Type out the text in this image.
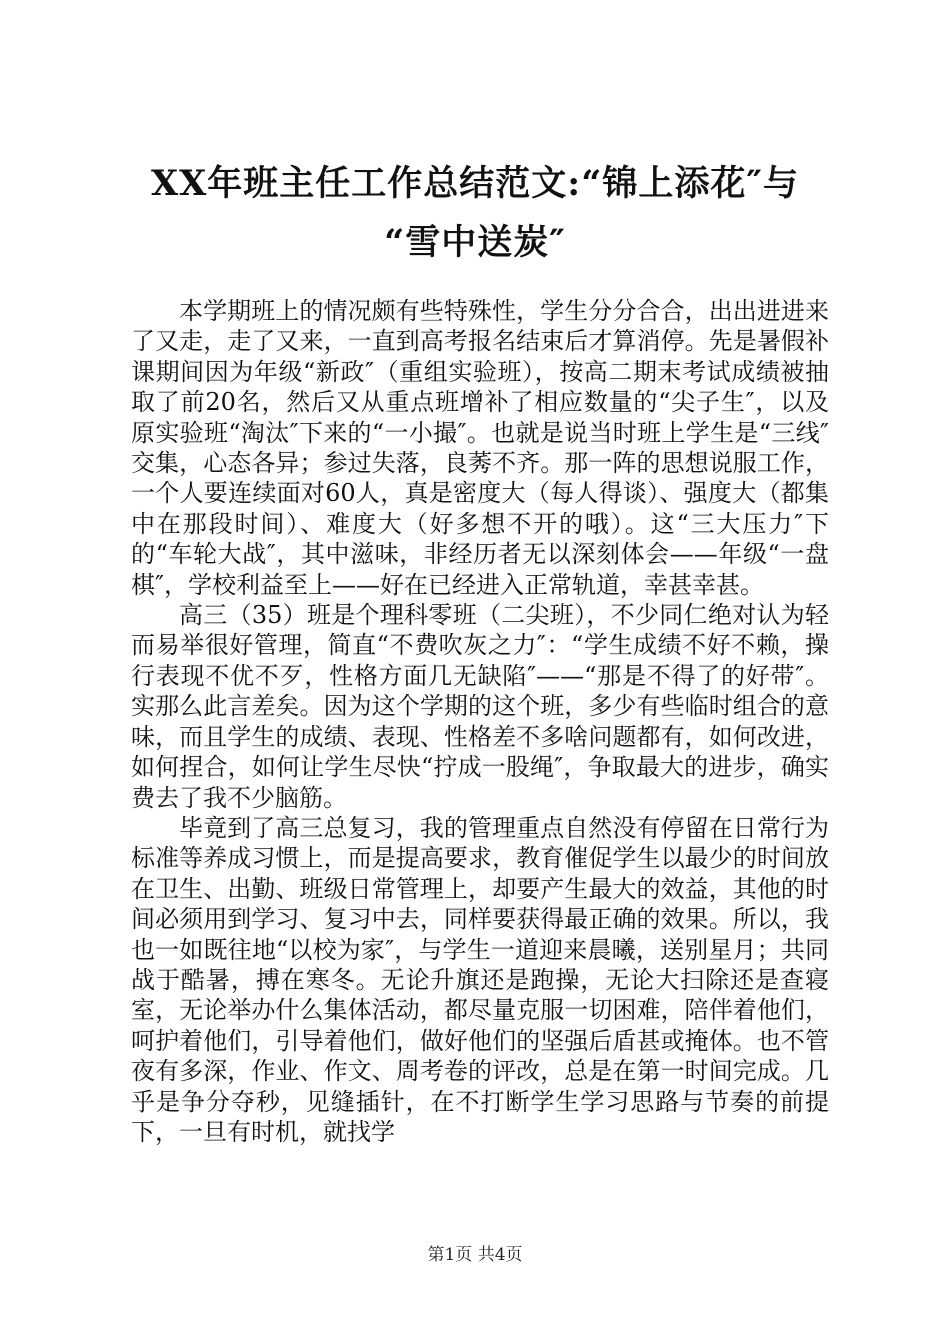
XX年班主任工作总结范文:“锦上添花″与
“雪中送炭″

本学期班上的情况颇有些特殊性，学生分分合合，出出进进来了又走，走了又来，一直到高考报名结束后才算消停。先是暑假补课期间因为年级“新政″（重组实验班），按高二期末考试成绩被抽取了前20名，然后又从重点班增补了相应数量的“尖子生″，以及原实验班“淘汰″下来的“一小撮″。也就是说当时班上学生是“三线″交集，心态各异；参过失落，良莠不齐。那一阵的思想说服工作，一个人要连续面对60人，真是密度大（每人得谈）、强度大（都集中在那段时间）、难度大（好多想不开的哦）。这“三大压力″下的“车轮大战″，其中滋味，非经历者无以深刻体会——年级“一盘棋″，学校利益至上——好在已经进入正常轨道，幸甚幸甚。

高三（35）班是个理科零班（二尖班），不少同仁绝对认为轻而易举很好管理，简直“不费吹灰之力″：“学生成绩不好不赖，操行表现不优不歹，性格方面几无缺陷″——“那是不得了的好带″。实那么此言差矣。因为这个学期的这个班，多少有些临时组合的意味，而且学生的成绩、表现、性格差不多啥问题都有，如何改进，如何捏合，如何让学生尽快“拧成一股绳″，争取最大的进步，确实费去了我不少脑筋。

毕竟到了高三总复习，我的管理重点自然没有停留在日常行为标准等养成习惯上，而是提高要求，教育催促学生以最少的时间放在卫生、出勤、班级日常管理上，却要产生最大的效益，其他的时间必须用到学习、复习中去，同样要获得最正确的效果。所以，我也一如既往地“以校为家″，与学生一道迎来晨曦，送别星月；共同战于酷暑，搏在寒冬。无论升旗还是跑操，无论大扫除还是查寝室，无论举办什么集体活动，都尽量克服一切困难，陪伴着他们，呵护着他们，引导着他们，做好他们的坚强后盾甚或掩体。也不管夜有多深，作业、作文、周考卷的评改，总是在第一时间完成。几乎是争分夺秒，见缝插针，在不打断学生学习思路与节奏的前提下，一旦有时机，就找学

第1页 共4页
